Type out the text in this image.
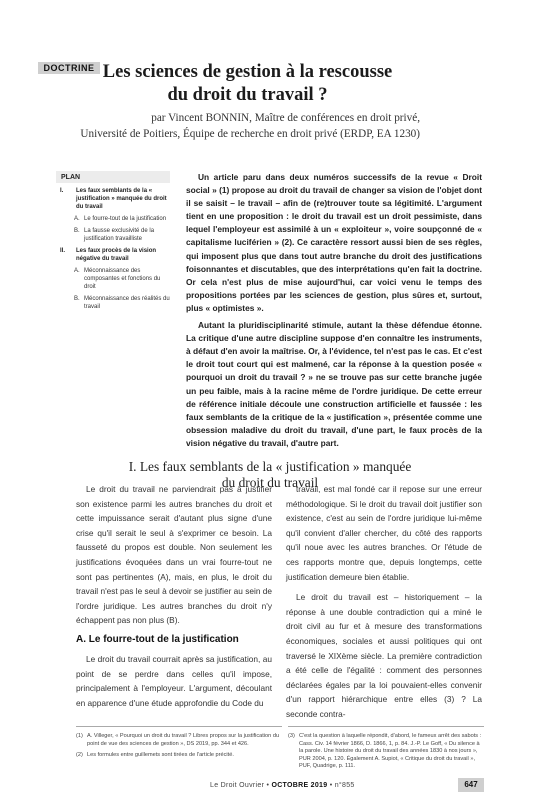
DOCTRINE Les sciences de gestion à la rescousse
du droit du travail ?
par Vincent BONNIN, Maître de conférences en droit privé,
Université de Poitiers, Équipe de recherche en droit privé (ERDP, EA 1230)
PLAN
I. Les faux semblants de la « justification » manquée du droit du travail
A. Le fourre-tout de la justification
B. La fausse exclusivité de la justification travailliste
II. Les faux procès de la vision négative du travail
A. Méconnaissance des composantes et fonctions du droit
B. Méconnaissance des réalités du travail

Un article paru dans deux numéros successifs de la revue « Droit social » (1) propose au droit du travail de changer sa vision de l'objet dont il se saisit – le travail – afin de (re)trouver toute sa légitimité. L'argument tient en une proposition : le droit du travail est un droit pessimiste, dans lequel l'employeur est assimilé à un « exploiteur », voire soupçonné de « capitalisme luciférien » (2). Ce caractère ressort aussi bien de ses règles, qui imposent plus que dans tout autre branche du droit des justifications foisonnantes et discutables, que des interprétations qu'en fait la doctrine. Or cela n'est plus de mise aujourd'hui, car voici venu le temps des propositions portées par les sciences de gestion, plus sûres et, surtout, plus « optimistes ».

Autant la pluridisciplinarité stimule, autant la thèse défendue étonne. La critique d'une autre discipline suppose d'en connaître les instruments, à défaut d'en avoir la maîtrise. Or, à l'évidence, tel n'est pas le cas. Et c'est le droit tout court qui est malmené, car la réponse à la question posée « pourquoi un droit du travail ? » ne se trouve pas sur cette branche jugée un peu faible, mais à la racine même de l'ordre juridique. De cette erreur de référence initiale découle une construction artificielle et faussée : les faux semblants de la critique de la « justification », présentée comme une obsession maladive du droit du travail, d'une part, le faux procès de la vision négative du travail, d'autre part.

I. Les faux semblants de la « justification » manquée
du droit du travail

Le droit du travail ne parviendrait pas à justifier son existence parmi les autres branches du droit et cette impuissance serait d'autant plus signe d'une crise qu'il serait le seul à s'exprimer ce besoin. La fausseté du propos est double. Non seulement les justifications évoquées dans un vrai fourre-tout ne sont pas pertinentes (A), mais, en plus, le droit du travail n'est pas le seul à devoir se justifier au sein de l'ordre juridique. Les autres branches du droit n'y échappent pas non plus (B).

A. Le fourre-tout de la justification

Le droit du travail courrait après sa justification, au point de se perdre dans celles qu'il impose, principalement à l'employeur. L'argument, découlant en apparence d'une étude approfondie du Code du

travail, est mal fondé car il repose sur une erreur méthodologique. Si le droit du travail doit justifier son existence, c'est au sein de l'ordre juridique lui-même qu'il convient d'aller chercher, du côté des rapports qu'il noue avec les autres branches. Or l'étude de ces rapports montre que, depuis longtemps, cette justification demeure bien établie.

Le droit du travail est – historiquement – la réponse à une double contradiction qui a miné le droit civil au fur et à mesure des transformations économiques, sociales et aussi politiques qui ont traversé le XIXème siècle. La première contradiction a été celle de l'égalité : comment des personnes déclarées égales par la loi pouvaient-elles convenir d'un rapport hiérarchique entre elles (3) ? La seconde contra-

(1) A. Villeger, « Pourquoi un droit du travail ? Libres propos sur la justification du point de vue des sciences de gestion », DS 2019, pp. 344 et 426.
(2) Les formules entre guillemets sont tirées de l'article précité.
(3) C'est la question à laquelle répondit, d'abord, le fameux arrêt des sabots : Cass. Civ. 14 février 1866, D. 1866, 1, p. 84. J.-P. Le Goff, « Du silence à la parole. Une histoire du droit du travail des années 1830 à nos jours », PUR 2004, p. 120. Également A. Supiot, « Critique du droit du travail », PUF, Quadrige, p. 111.
Le Droit Ouvrier • OCTOBRE 2019 • n°855	647
